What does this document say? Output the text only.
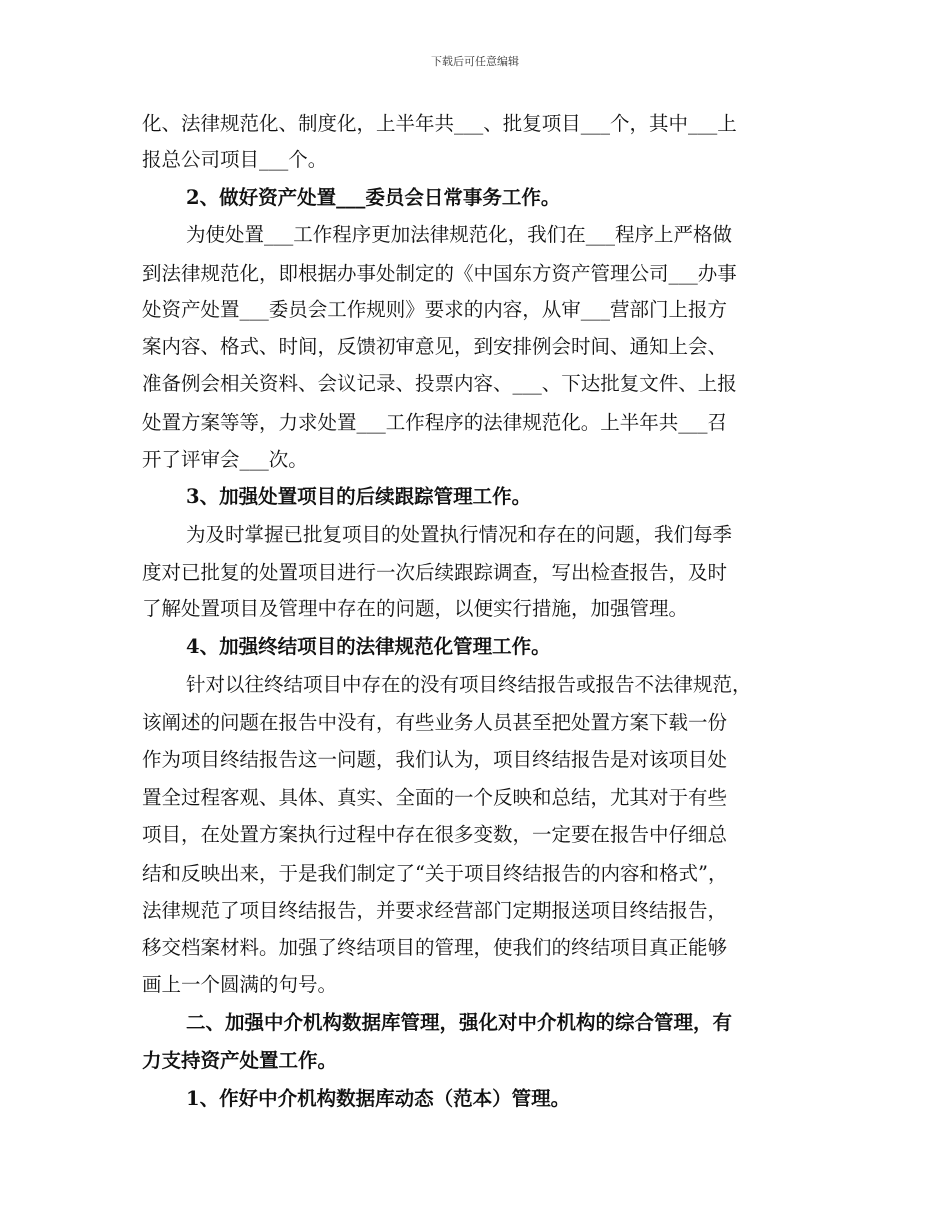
下载后可任意编辑
化、法律规范化、制度化，上半年共___、批复项目___个，其中___上
报总公司项目___个。
2、做好资产处置___委员会日常事务工作。
为使处置___工作程序更加法律规范化，我们在___程序上严格做
到法律规范化，即根据办事处制定的《中国东方资产管理公司___办事
处资产处置___委员会工作规则》要求的内容，从审___营部门上报方
案内容、格式、时间，反馈初审意见，到安排例会时间、通知上会、
准备例会相关资料、会议记录、投票内容、___、下达批复文件、上报
处置方案等等，力求处置___工作程序的法律规范化。上半年共___召
开了评审会___次。
3、加强处置项目的后续跟踪管理工作。
为及时掌握已批复项目的处置执行情况和存在的问题，我们每季
度对已批复的处置项目进行一次后续跟踪调查，写出检查报告，及时
了解处置项目及管理中存在的问题，以便实行措施，加强管理。
4、加强终结项目的法律规范化管理工作。
针对以往终结项目中存在的没有项目终结报告或报告不法律规范，
该阐述的问题在报告中没有，有些业务人员甚至把处置方案下载一份
作为项目终结报告这一问题，我们认为，项目终结报告是对该项目处
置全过程客观、具体、真实、全面的一个反映和总结，尤其对于有些
项目，在处置方案执行过程中存在很多变数，一定要在报告中仔细总
结和反映出来，于是我们制定了“关于项目终结报告的内容和格式”，
法律规范了项目终结报告，并要求经营部门定期报送项目终结报告，
移交档案材料。加强了终结项目的管理，使我们的终结项目真正能够
画上一个圆满的句号。
二、加强中介机构数据库管理，强化对中介机构的综合管理，有
力支持资产处置工作。
1、作好中介机构数据库动态（范本）管理。
